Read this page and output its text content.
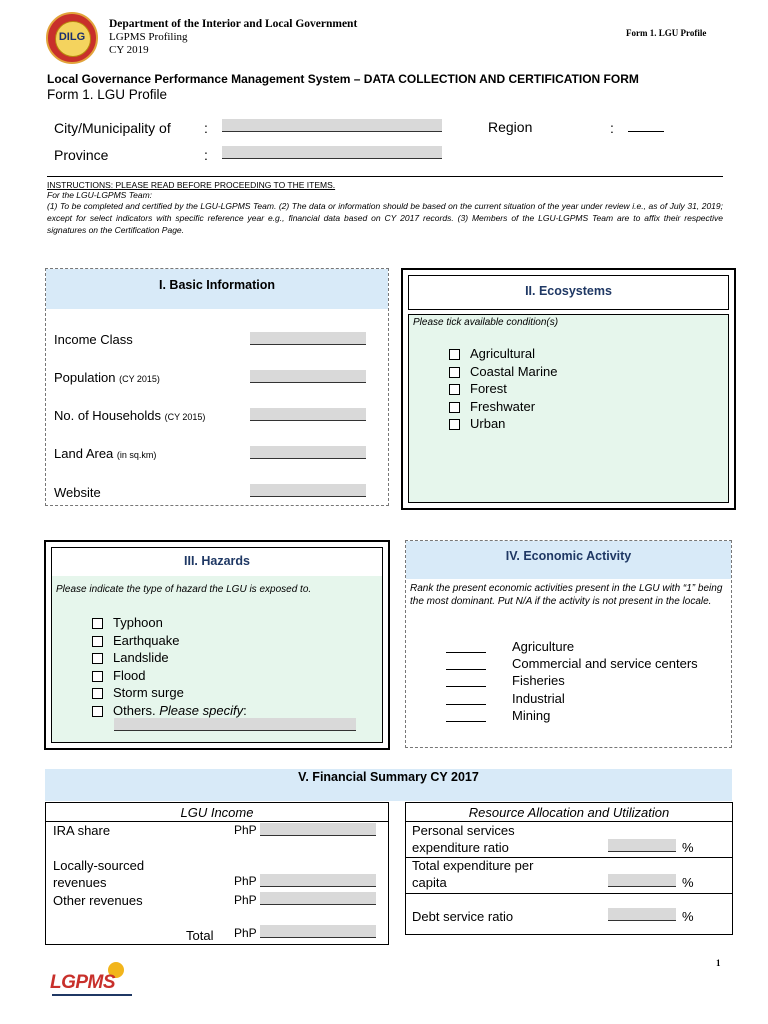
DILG
Department of the Interior and Local Government
LGPMS Profiling
CY 2019
Form 1. LGU Profile
Local Governance Performance Management System – DATA COLLECTION AND CERTIFICATION FORM
Form 1. LGU Profile
City/Municipality of :	Region	:
Province	:
INSTRUCTIONS: PLEASE READ BEFORE PROCEEDING TO THE ITEMS.
For the LGU-LGPMS Team:
(1) To be completed and certified by the LGU-LGPMS Team. (2) The data or information should be based on the current situation of the year under review i.e., as of July 31, 2019; except for select indicators with specific reference year e.g., financial data based on CY 2017 records. (3) Members of the LGU-LGPMS Team are to affix their respective signatures on the Certification Page.
I. Basic Information
Income Class
Population (CY 2015)
No. of Households (CY 2015)
Land Area (in sq.km)
Website
II. Ecosystems
Please tick available condition(s)
Agricultural
Coastal Marine
Forest
Freshwater
Urban
III. Hazards
Please indicate the type of hazard the LGU is exposed to.
Typhoon
Earthquake
Landslide
Flood
Storm surge
Others. Please specify:
IV. Economic Activity
Rank the present economic activities present in the LGU with “1” being the most dominant. Put N/A if the activity is not present in the locale.
Agriculture
Commercial and service centers
Fisheries
Industrial
Mining
V. Financial Summary CY 2017
LGU Income
IRA share	PhP
Locally-sourced
revenues	PhP
Other revenues	PhP
Total PhP
Resource Allocation and Utilization
Personal services
expenditure ratio	%
Total expenditure per
capita	%
Debt service ratio	%
LGPMS
1
